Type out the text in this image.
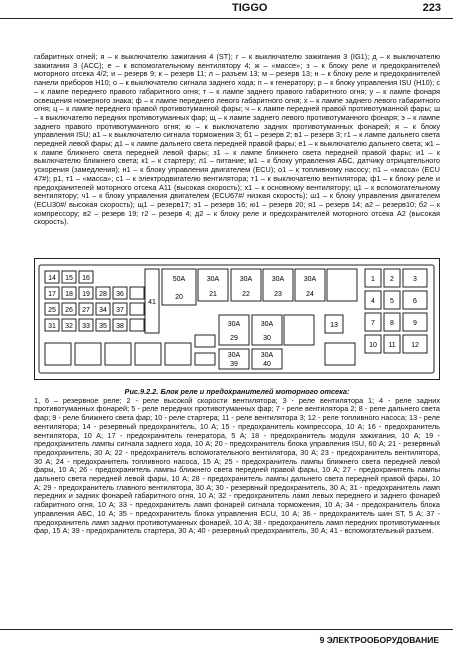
TIGGO	223

габаритных огней; я – к выключателю зажигания 4 (ST); г – к выключателю зажигания 3 (IG1); д – к выключателю зажигания 3 (ACC); е – к вспомогательному вентилятору 4; ж – «массе»; з – к блоку реле и предохранителей моторного отсека 4/2; и – резерв 9; к – резерв 11; л – разъем 13; м – резерв 13; н – к блоку реле и предохранителей панели приборов Н10; о – к выключателю сигнала заднего хода; п – к генератору; р – к блоку управления ISU (Н10); с – к лампе переднего правого габаритного огня; т – к лампе заднего правого габаритного огня; у – к лампе фонаря освещения номерного знака; ф – к лампе переднего левого габаритного огня; х – к лампе заднего левого габаритного огня; ц – к лампе переднего правой противотуманной фары; ч – к лампе передней правой противотуманной фары; ш – к выключателю передних противотуманных фар; щ – к лампе заднего левого противотуманного фонаря; э – к лампе заднего правого противотуманного огня; ю – к выключателю задних противотуманных фонарей; я – к блоку управления ISU; а1 – к выключателю сигнала торможения 3; б1 – резерв 2; в1 – резерв 3; г1 – к лампе дальнего света передней левой фары; д1 – к лампе дальнего света передней правой фары; е1 – к выключателю дальнего света; ж1 – к лампе ближнего света передней левой фары; з1 – к лампе ближнего света передней правой фары; и1 – к выключателю ближнего света; к1 – к стартеру; л1 – питание; м1 – к блоку управления АБС, датчику отрицательного ускорения (замедления); н1 – к блоку управления двигателем (ECU); о1 – к топливному насосу; п1 – «масса» (ECU 47#); р1, т1 – «масса»; с1 – к электродвигателю вентилятора; т1 – к выключателю вентилятора; ф1 – к блоку реле и предохранителей моторного отсека А11 (высокая скорость); х1 – к основному вентилятору; ц1 – к вспомогательному вентилятору; ч1 – к блоку управления двигателем (ECU67#/ низкая скорость); ш1 – к блоку управления двигателем (ECU30#/ высокая скорость); щ1 – резерв17; э1 – резерв 16; ю1 – резерв 20; я1 – резерв 14; а2 – резерв10; б2 – к компрессору; в2 – резерв 19; г2 – резерв 4; д2 – к блоку реле и предохранителей моторного отсека А2 (высокая скорость).

14 15 16
17 18 19
25 26 27
28
31 32 33
34
35
36
37
38
41
50A
20
30A
21
30A
22
30A
23
30A
24
30A
29
30A
30
30A
39
30A
40
1 2	3
4 5	6
7 8	9
10 11 12
13
Рис.9.2.2. Блок реле и предохранителей моторного отсека:

1, 6 – резервное реле; 2 - реле высокой скорости вентилятора; 3 - реле вентилятора 1; 4 - реле задних противотуманных фонарей; 5 - реле передних противотуманных фар; 7 - реле вентилятора 2; 8 - реле дальнего света фар; 9 - реле ближнего света фар; 10 - реле стартера; 11 - реле вентилятора 3; 12 - реле топливного насоса; 13 - реле вентилятора; 14 - резервный предохранитель, 10 А; 15 - предохранитель компрессора, 10 А; 16 - предохранитель вентилятора, 10 А; 17 - предохранитель генератора, 5 А; 18 - предохранитель модуля зажигания, 10 А; 19 - предохранитель лампы сигнала заднего хода, 10 А; 20 - предохранитель блока управления ISU, 60 А; 21 - резервный предохранитель, 30 А; 22 - предохранитель вспомогательного вентилятора, 30 А; 23 - предохранитель вентилятора, 30 А; 24 - предохранитель топливного насоса, 15 А; 25 - предохранитель лампы ближнего света передней левой фары, 10 А; 26 - предохранитель лампы ближнего света передней правой фары, 10 А; 27 - предохранитель лампы дальнего света передней левой фары, 10 А; 28 - предохранитель лампы дальнего света передней правой фары, 10 А; 29 - предохранитель главного вентилятора, 30 А; 30 - резервный предохранитель, 30 А; 31 - предохранитель ламп передних и задних фонарей габаритного огня, 10 А; 32 - предохранитель ламп левых переднего и заднего фонарей габаритного огня, 10 А; 33 - предохранитель ламп фонарей сигнала торможения, 10 А; 34 - предохранитель блока управления АБС, 10 А; 35 - предохранитель блока управления ECU, 10 А; 36 - предохранитель шин ST, 5 А; 37 - предохранитель ламп задних противотуманных фонарей, 10 А; 38 - предохранитель ламп передних противотуманных фар, 15 А; 39 - предохранитель стартера, 30 А; 40 - резервный предохранитель, 30 А; 41 - вспомогательный разъем.

9 ЭЛЕКТРООБОРУДОВАНИЕ
